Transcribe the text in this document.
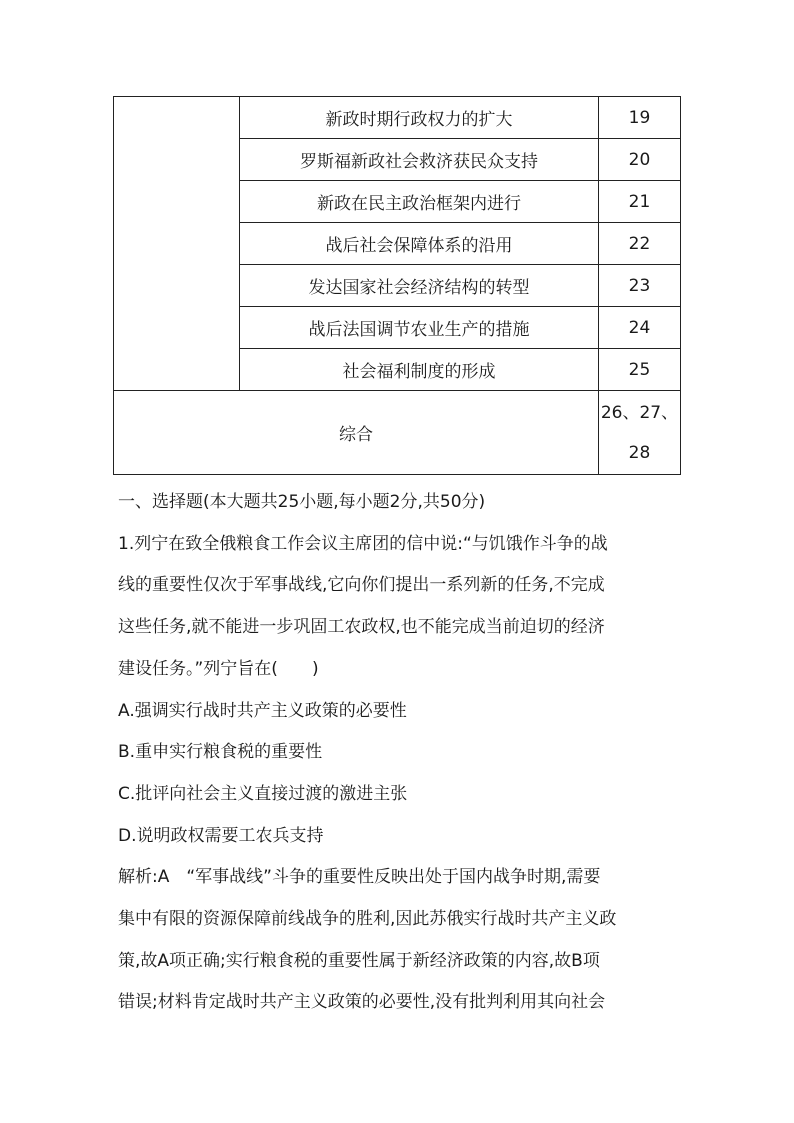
	新政时期行政权力的扩大	19
	罗斯福新政社会救济获民众支持	20
	新政在民主政治框架内进行	21
	战后社会保障体系的沿用	22
	发达国家社会经济结构的转型	23
	战后法国调节农业生产的措施	24
	社会福利制度的形成	25
综合		26、27、
28

一、选择题(本大题共25小题,每小题2分,共50分)

1.列宁在致全俄粮食工作会议主席团的信中说:“与饥饿作斗争的战

线的重要性仅次于军事战线,它向你们提出一系列新的任务,不完成

这些任务,就不能进一步巩固工农政权,也不能完成当前迫切的经济

建设任务。”列宁旨在(　　)

A.强调实行战时共产主义政策的必要性

B.重申实行粮食税的重要性

C.批评向社会主义直接过渡的激进主张

D.说明政权需要工农兵支持

解析:A　“军事战线”斗争的重要性反映出处于国内战争时期,需要

集中有限的资源保障前线战争的胜利,因此苏俄实行战时共产主义政

策,故A项正确;实行粮食税的重要性属于新经济政策的内容,故B项

错误;材料肯定战时共产主义政策的必要性,没有批判利用其向社会
